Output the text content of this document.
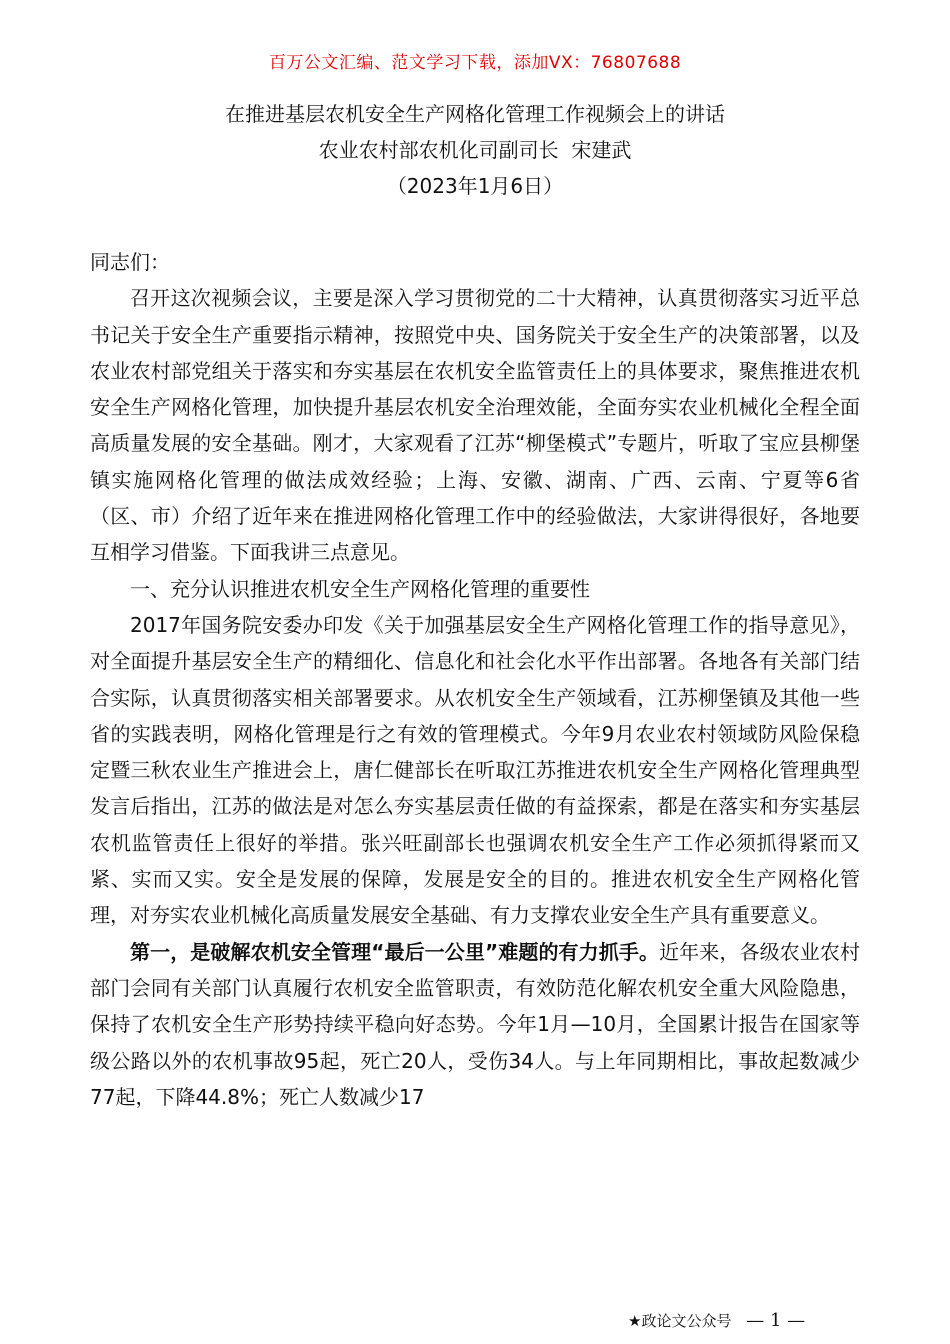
百万公文汇编、范文学习下载，添加VX：76807688
在推进基层农机安全生产网格化管理工作视频会上的讲话
农业农村部农机化司副司长  宋建武
（2023年1月6日）

同志们：

召开这次视频会议，主要是深入学习贯彻党的二十大精神，认真贯彻落实习近平总书记关于安全生产重要指示精神，按照党中央、国务院关于安全生产的决策部署，以及农业农村部党组关于落实和夯实基层在农机安全监管责任上的具体要求，聚焦推进农机安全生产网格化管理，加快提升基层农机安全治理效能，全面夯实农业机械化全程全面高质量发展的安全基础。刚才，大家观看了江苏“柳堡模式”专题片，听取了宝应县柳堡镇实施网格化管理的做法成效经验；上海、安徽、湖南、广西、云南、宁夏等6省（区、市）介绍了近年来在推进网格化管理工作中的经验做法，大家讲得很好，各地要互相学习借鉴。下面我讲三点意见。

一、充分认识推进农机安全生产网格化管理的重要性

2017年国务院安委办印发《关于加强基层安全生产网格化管理工作的指导意见》，对全面提升基层安全生产的精细化、信息化和社会化水平作出部署。各地各有关部门结合实际，认真贯彻落实相关部署要求。从农机安全生产领域看，江苏柳堡镇及其他一些省的实践表明，网格化管理是行之有效的管理模式。今年9月农业农村领域防风险保稳定暨三秋农业生产推进会上，唐仁健部长在听取江苏推进农机安全生产网格化管理典型发言后指出，江苏的做法是对怎么夯实基层责任做的有益探索，都是在落实和夯实基层农机监管责任上很好的举措。张兴旺副部长也强调农机安全生产工作必须抓得紧而又紧、实而又实。安全是发展的保障，发展是安全的目的。推进农机安全生产网格化管理，对夯实农业机械化高质量发展安全基础、有力支撑农业安全生产具有重要意义。

第一，是破解农机安全管理“最后一公里”难题的有力抓手。近年来，各级农业农村部门会同有关部门认真履行农机安全监管职责，有效防范化解农机安全重大风险隐患，保持了农机安全生产形势持续平稳向好态势。今年1月—10月，全国累计报告在国家等级公路以外的农机事故95起，死亡20人，受伤34人。与上年同期相比，事故起数减少77起，下降44.8%；死亡人数减少17

★政论文公众号 — 1 —
